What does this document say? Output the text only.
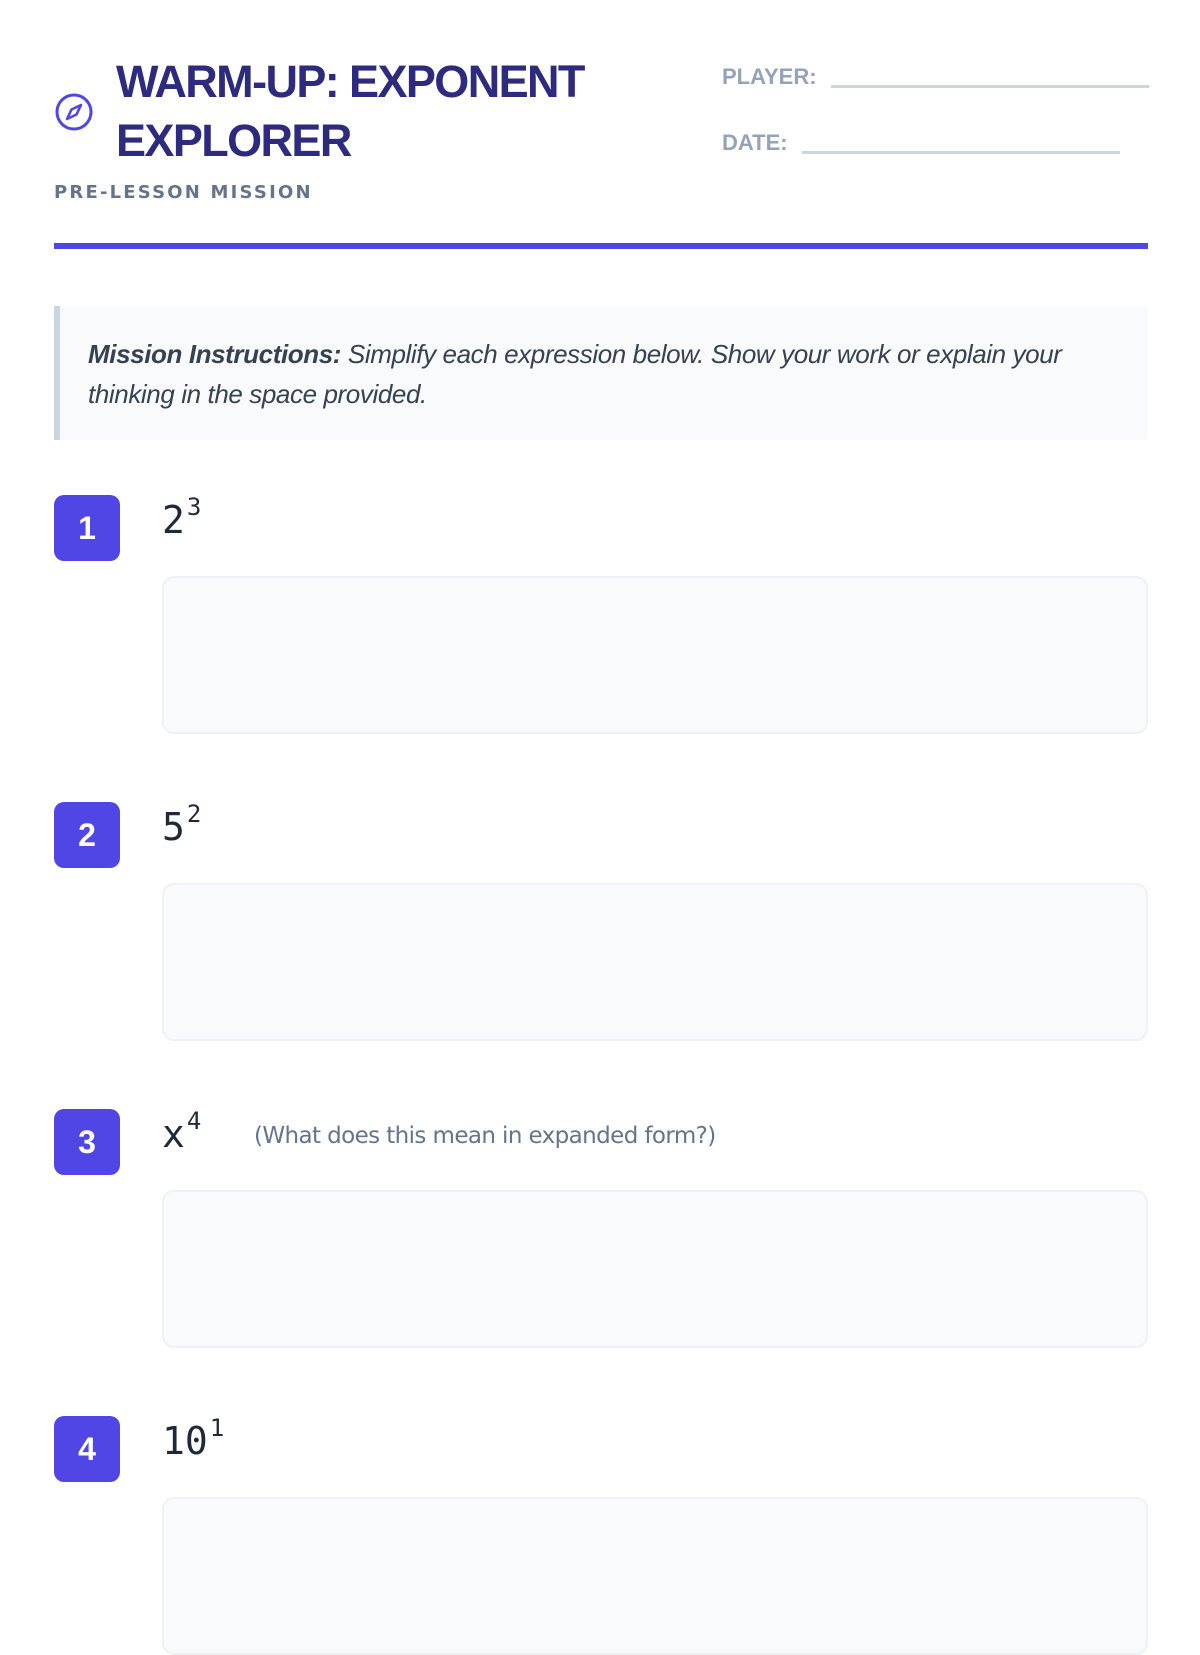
WARM-UP: EXPONENT EXPLORER
PRE-LESSON MISSION
PLAYER:
DATE:
Mission Instructions: Simplify each expression below. Show your work or explain your thinking in the space provided.
1	$2^3$
2	$5^2$
3	$x^4$
(What does this mean in expanded form?)
4	$10^1$
